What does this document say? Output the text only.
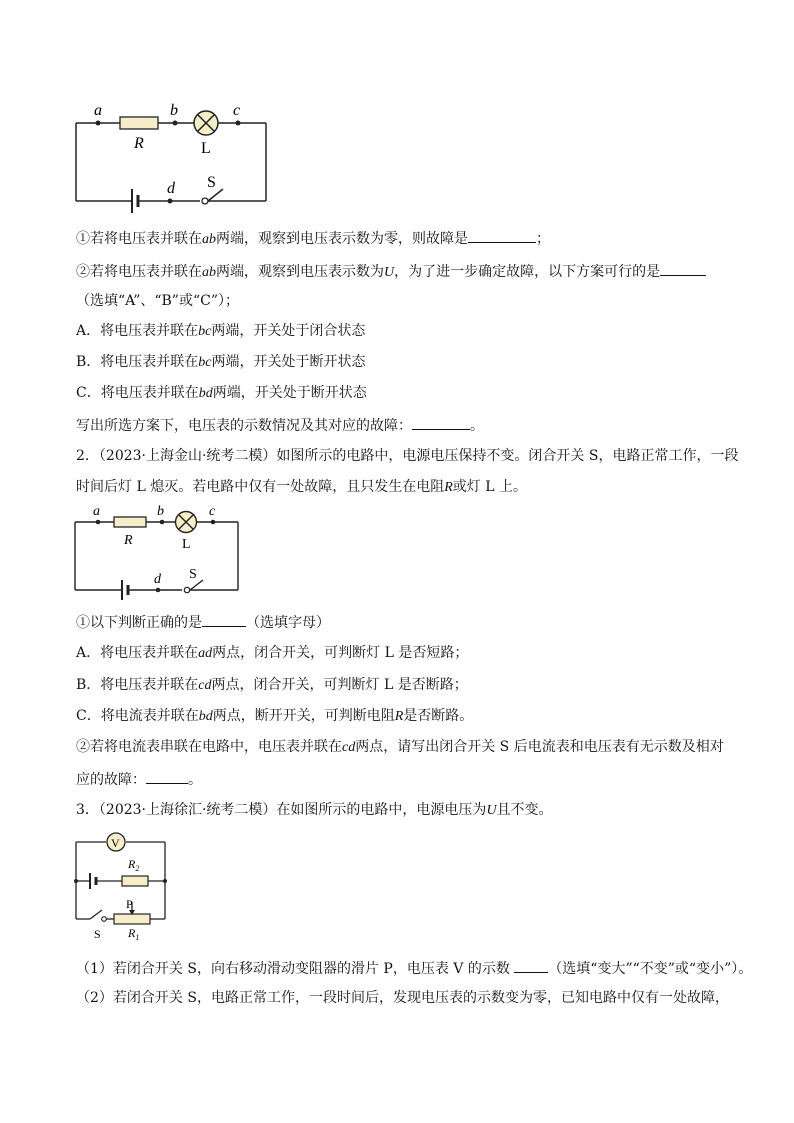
a	b	c
R	L
d S
①若将电压表并联在ab两端，观察到电压表示数为零，则故障是	；
②若将电压表并联在ab两端，观察到电压表示数为U，为了进一步确定故障，以下方案可行的是
（选填“A”、“B”或“C”）；
A．将电压表并联在bc两端，开关处于闭合状态
B．将电压表并联在bc两端，开关处于断开状态
C．将电压表并联在bd两端，开关处于断开状态
写出所选方案下，电压表的示数情况及其对应的故障：	。
2．（2023·上海金山·统考二模）如图所示的电路中，电源电压保持不变。闭合开关 S，电路正常工作，一段
时间后灯 L 熄灭。若电路中仅有一处故障，且只发生在电阻R或灯 L 上。
a	b	c
R	L
d S
①以下判断正确的是	（选填字母）
A．将电压表并联在ad两点，闭合开关，可判断灯 L 是否短路；
B．将电压表并联在cd两点，闭合开关，可判断灯 L 是否断路；
C．将电流表并联在bd两点，断开开关，可判断电阻R是否断路。
②若将电流表串联在电路中，电压表并联在cd两点，请写出闭合开关 S 后电流表和电压表有无示数及相对
应的故障：	。
3．（2023·上海徐汇·统考二模）在如图所示的电路中，电源电压为U且不变。
V
$R_2$
P
S $R_1$
（1）若闭合开关 S，向右移动滑动变阻器的滑片 P，电压表 V 的示数	（选填“变大”“不变”或“变小”）。
（2）若闭合开关 S，电路正常工作，一段时间后，发现电压表的示数变为零，已知电路中仅有一处故障，
